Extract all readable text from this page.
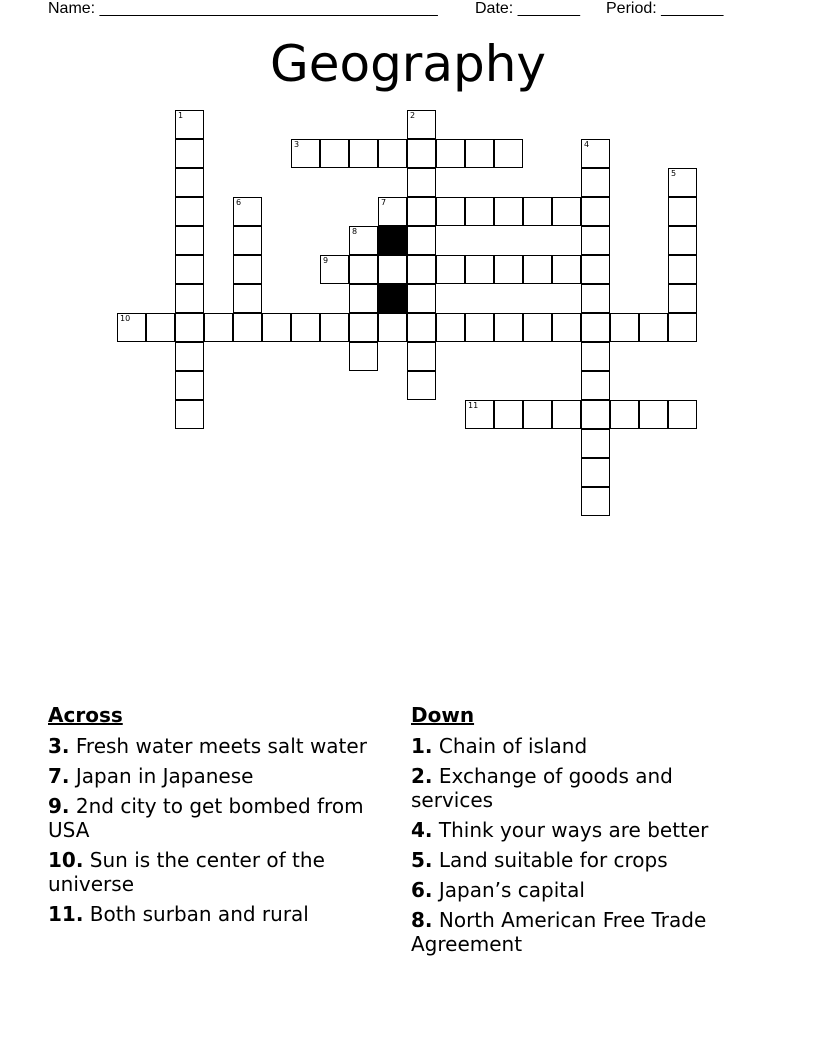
Name: ______________________________________ Date: _______ Period: _______
Geography
1	2
3	4
5
6	7
8
9
10
11
Across
3. Fresh water meets salt water
7. Japan in Japanese
9. 2nd city to get bombed from USA
10. Sun is the center of the universe
11. Both surban and rural
Down
1. Chain of island
2. Exchange of goods and services
4. Think your ways are better
5. Land suitable for crops
6. Japan’s capital
8. North American Free Trade Agreement
